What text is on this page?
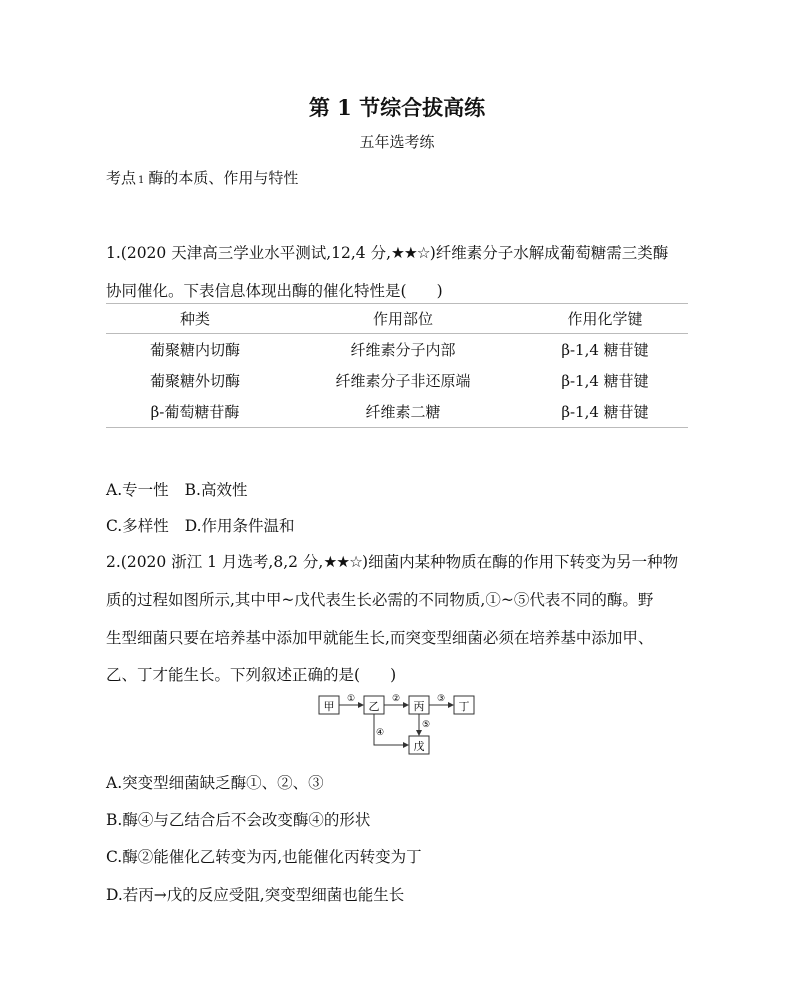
第 1 节综合拔高练
五年选考练
考点 1 酶的本质、作用与特性
1.(2020 天津高三学业水平测试,12,4 分,★★☆)纤维素分子水解成葡萄糖需三类酶
协同催化。下表信息体现出酶的催化特性是( )
种类	作用部位	作用化学键
葡聚糖内切酶	纤维素分子内部	β-1,4 糖苷键
葡聚糖外切酶	纤维素分子非还原端	β-1,4 糖苷键
β-葡萄糖苷酶	纤维素二糖	β-1,4 糖苷键
A.专一性 B.高效性
C.多样性 D.作用条件温和
2.(2020 浙江 1 月选考,8,2 分,★★☆)细菌内某种物质在酶的作用下转变为另一种物
质的过程如图所示,其中甲~戊代表生长必需的不同物质,①~⑤代表不同的酶。野
生型细菌只要在培养基中添加甲就能生长,而突变型细菌必须在培养基中添加甲、
乙、丁才能生长。下列叙述正确的是( )
甲	乙	丙	丁
戊
①	②	③
④
⑤
A.突变型细菌缺乏酶①、②、③
B.酶④与乙结合后不会改变酶④的形状
C.酶②能催化乙转变为丙,也能催化丙转变为丁
D.若丙→戊的反应受阻,突变型细菌也能生长
